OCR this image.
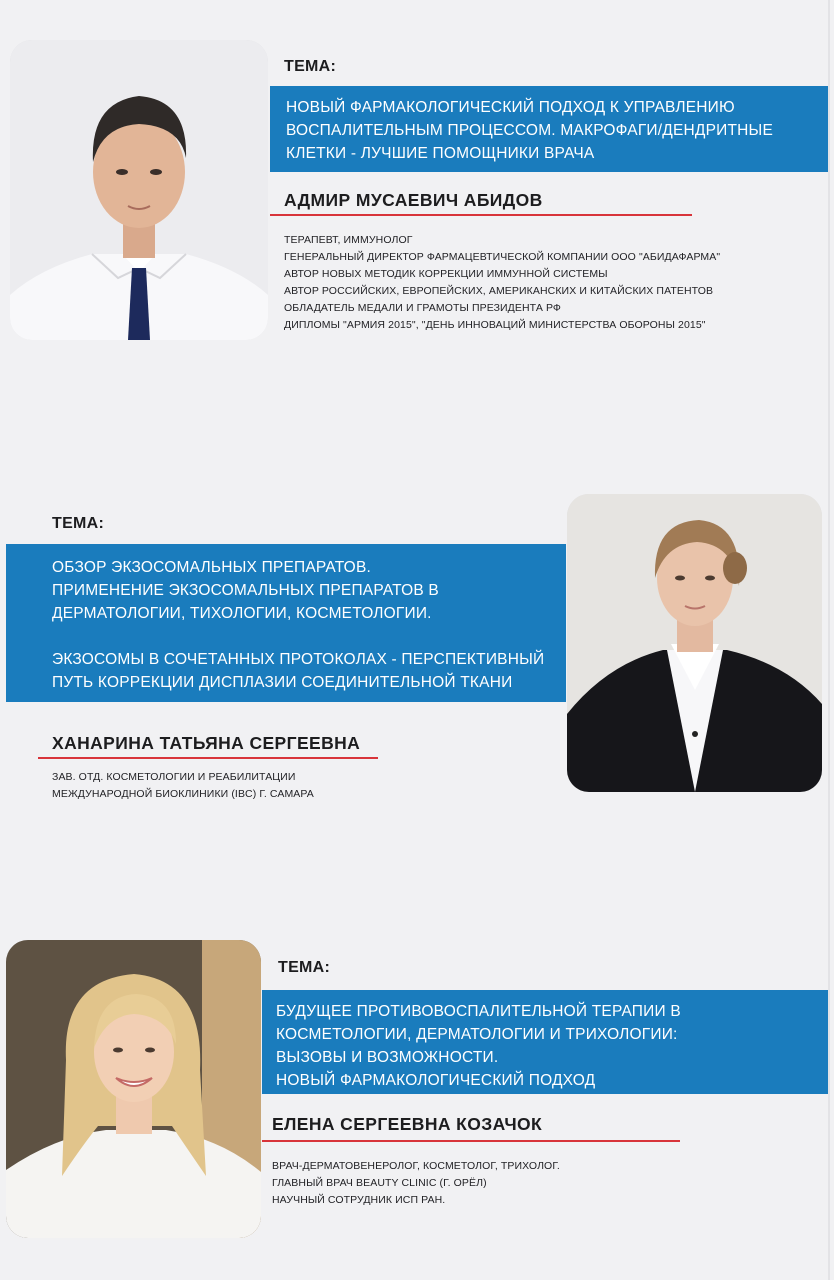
ТЕМА:
НОВЫЙ ФАРМАКОЛОГИЧЕСКИЙ ПОДХОД К УПРАВЛЕНИЮ
ВОСПАЛИТЕЛЬНЫМ ПРОЦЕССОМ. МАКРОФАГИ/ДЕНДРИТНЫЕ
КЛЕТКИ - ЛУЧШИЕ ПОМОЩНИКИ ВРАЧА
АДМИР МУСАЕВИЧ АБИДОВ
ТЕРАПЕВТ, ИММУНОЛОГ
ГЕНЕРАЛЬНЫЙ ДИРЕКТОР ФАРМАЦЕВТИЧЕСКОЙ КОМПАНИИ ООО "АБИДАФАРМА"
АВТОР НОВЫХ МЕТОДИК КОРРЕКЦИИ ИММУННОЙ СИСТЕМЫ
АВТОР РОССИЙСКИХ, ЕВРОПЕЙСКИХ, АМЕРИКАНСКИХ И КИТАЙСКИХ ПАТЕНТОВ
ОБЛАДАТЕЛЬ МЕДАЛИ И ГРАМОТЫ ПРЕЗИДЕНТА РФ
ДИПЛОМЫ "АРМИЯ 2015", "ДЕНЬ ИННОВАЦИЙ МИНИСТЕРСТВА ОБОРОНЫ 2015"
ТЕМА:
ОБЗОР ЭКЗОСОМАЛЬНЫХ ПРЕПАРАТОВ.
ПРИМЕНЕНИЕ ЭКЗОСОМАЛЬНЫХ ПРЕПАРАТОВ В
ДЕРМАТОЛОГИИ, ТИХОЛОГИИ, КОСМЕТОЛОГИИ.
ЭКЗОСОМЫ В СОЧЕТАННЫХ ПРОТОКОЛАХ - ПЕРСПЕКТИВНЫЙ
ПУТЬ КОРРЕКЦИИ ДИСПЛАЗИИ СОЕДИНИТЕЛЬНОЙ ТКАНИ
ХАНАРИНА ТАТЬЯНА СЕРГЕЕВНА
ЗАВ. ОТД. КОСМЕТОЛОГИИ И РЕАБИЛИТАЦИИ
МЕЖДУНАРОДНОЙ БИОКЛИНИКИ (IBC) Г. САМАРА
ТЕМА:
БУДУЩЕЕ ПРОТИВОВОСПАЛИТЕЛЬНОЙ ТЕРАПИИ В
КОСМЕТОЛОГИИ, ДЕРМАТОЛОГИИ И ТРИХОЛОГИИ:
ВЫЗОВЫ И ВОЗМОЖНОСТИ.
НОВЫЙ ФАРМАКОЛОГИЧЕСКИЙ ПОДХОД
ЕЛЕНА СЕРГЕЕВНА КОЗАЧОК
ВРАЧ-ДЕРМАТОВЕНЕРОЛОГ, КОСМЕТОЛОГ, ТРИХОЛОГ.
ГЛАВНЫЙ ВРАЧ BEAUTY CLINIC (Г. ОРЁЛ)
НАУЧНЫЙ СОТРУДНИК ИСП РАН.
